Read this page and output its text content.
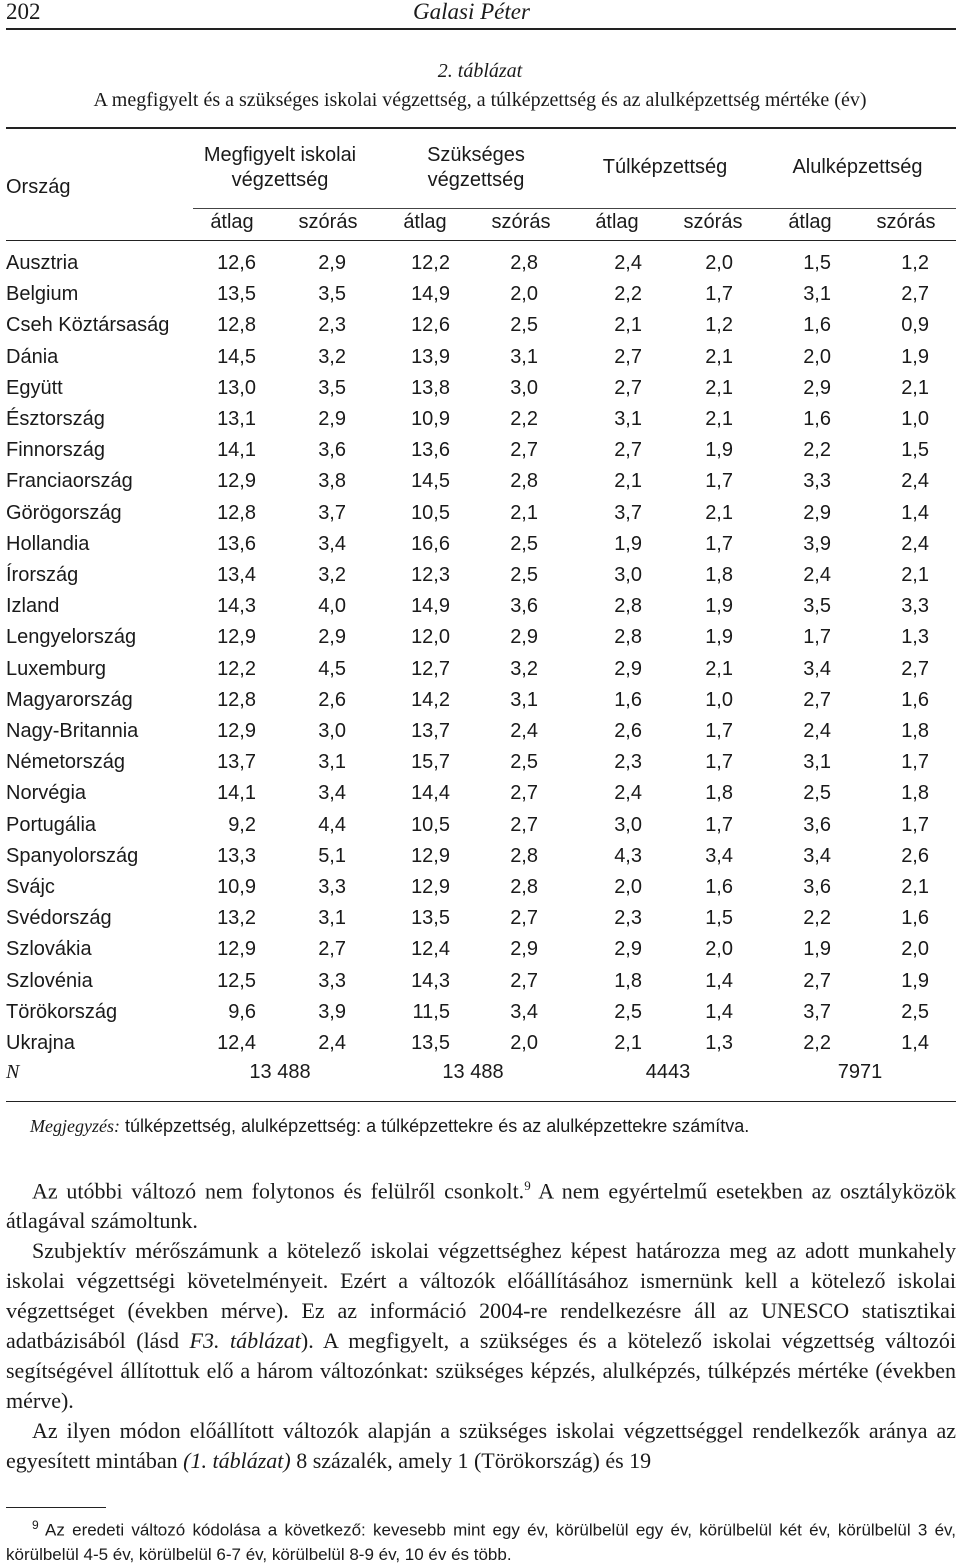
202	Galasi Péter
2. táblázat
A megfigyelt és a szükséges iskolai végzettség, a túlképzettség és az alulképzettség mértéke (év)
Ország
Megfigyelt iskolai
végzettség
Szükséges
végzettség
Túlképzettség	Alulképzettség
átlag	szórás	átlag	szórás	átlag	szórás	átlag	szórás
Ausztria	12,6	2,9	12,2	2,8	2,4	2,0	1,5	1,2
Belgium	13,5	3,5	14,9	2,0	2,2	1,7	3,1	2,7
Cseh Köztársaság	12,8	2,3	12,6	2,5	2,1	1,2	1,6	0,9
Dánia	14,5	3,2	13,9	3,1	2,7	2,1	2,0	1,9
Együtt	13,0	3,5	13,8	3,0	2,7	2,1	2,9	2,1
Észtország	13,1	2,9	10,9	2,2	3,1	2,1	1,6	1,0
Finnország	14,1	3,6	13,6	2,7	2,7	1,9	2,2	1,5
Franciaország	12,9	3,8	14,5	2,8	2,1	1,7	3,3	2,4
Görögország	12,8	3,7	10,5	2,1	3,7	2,1	2,9	1,4
Hollandia	13,6	3,4	16,6	2,5	1,9	1,7	3,9	2,4
Írország	13,4	3,2	12,3	2,5	3,0	1,8	2,4	2,1
Izland	14,3	4,0	14,9	3,6	2,8	1,9	3,5	3,3
Lengyelország	12,9	2,9	12,0	2,9	2,8	1,9	1,7	1,3
Luxemburg	12,2	4,5	12,7	3,2	2,9	2,1	3,4	2,7
Magyarország	12,8	2,6	14,2	3,1	1,6	1,0	2,7	1,6
Nagy-Britannia	12,9	3,0	13,7	2,4	2,6	1,7	2,4	1,8
Németország	13,7	3,1	15,7	2,5	2,3	1,7	3,1	1,7
Norvégia	14,1	3,4	14,4	2,7	2,4	1,8	2,5	1,8
Portugália	9,2	4,4	10,5	2,7	3,0	1,7	3,6	1,7
Spanyolország	13,3	5,1	12,9	2,8	4,3	3,4	3,4	2,6
Svájc	10,9	3,3	12,9	2,8	2,0	1,6	3,6	2,1
Svédország	13,2	3,1	13,5	2,7	2,3	1,5	2,2	1,6
Szlovákia	12,9	2,7	12,4	2,9	2,9	2,0	1,9	2,0
Szlovénia	12,5	3,3	14,3	2,7	1,8	1,4	2,7	1,9
Törökország	9,6	3,9	11,5	3,4	2,5	1,4	3,7	2,5
Ukrajna	12,4	2,4	13,5	2,0	2,1	1,3	2,2	1,4
N	13 488	13 488	4443	7971
Megjegyzés: túlképzettség, alulképzettség: a túlképzettekre és az alulképzettekre számítva.

Az utóbbi változó nem folytonos és felülről csonkolt.$^9$ A nem egyértelmű esetekben az osztályközök átlagával számoltunk.

Szubjektív mérőszámunk a kötelező iskolai végzettséghez képest határozza meg az adott munkahely iskolai végzettségi követelményeit. Ezért a változók előállításához ismernünk kell a kötelező iskolai végzettséget (években mérve). Ez az információ 2004-re rendelkezésre áll az UNESCO statisztikai adatbázisából (lásd F3. táblázat). A megfigyelt, a szükséges és a kötelező iskolai végzettség változói segítségével állítottuk elő a három változónkat: szükséges képzés, alulképzés, túlképzés mértéke (években mérve).

Az ilyen módon előállított változók alapján a szükséges iskolai végzettséggel rendelkezők aránya az egyesített mintában (1. táblázat) 8 százalék, amely 1 (Törökország) és 19

$^9$ Az eredeti változó kódolása a következő: kevesebb mint egy év, körülbelül egy év, körülbelül két év, körülbelül 3 év, körülbelül 4-5 év, körülbelül 6-7 év, körülbelül 8-9 év, 10 év és több.
